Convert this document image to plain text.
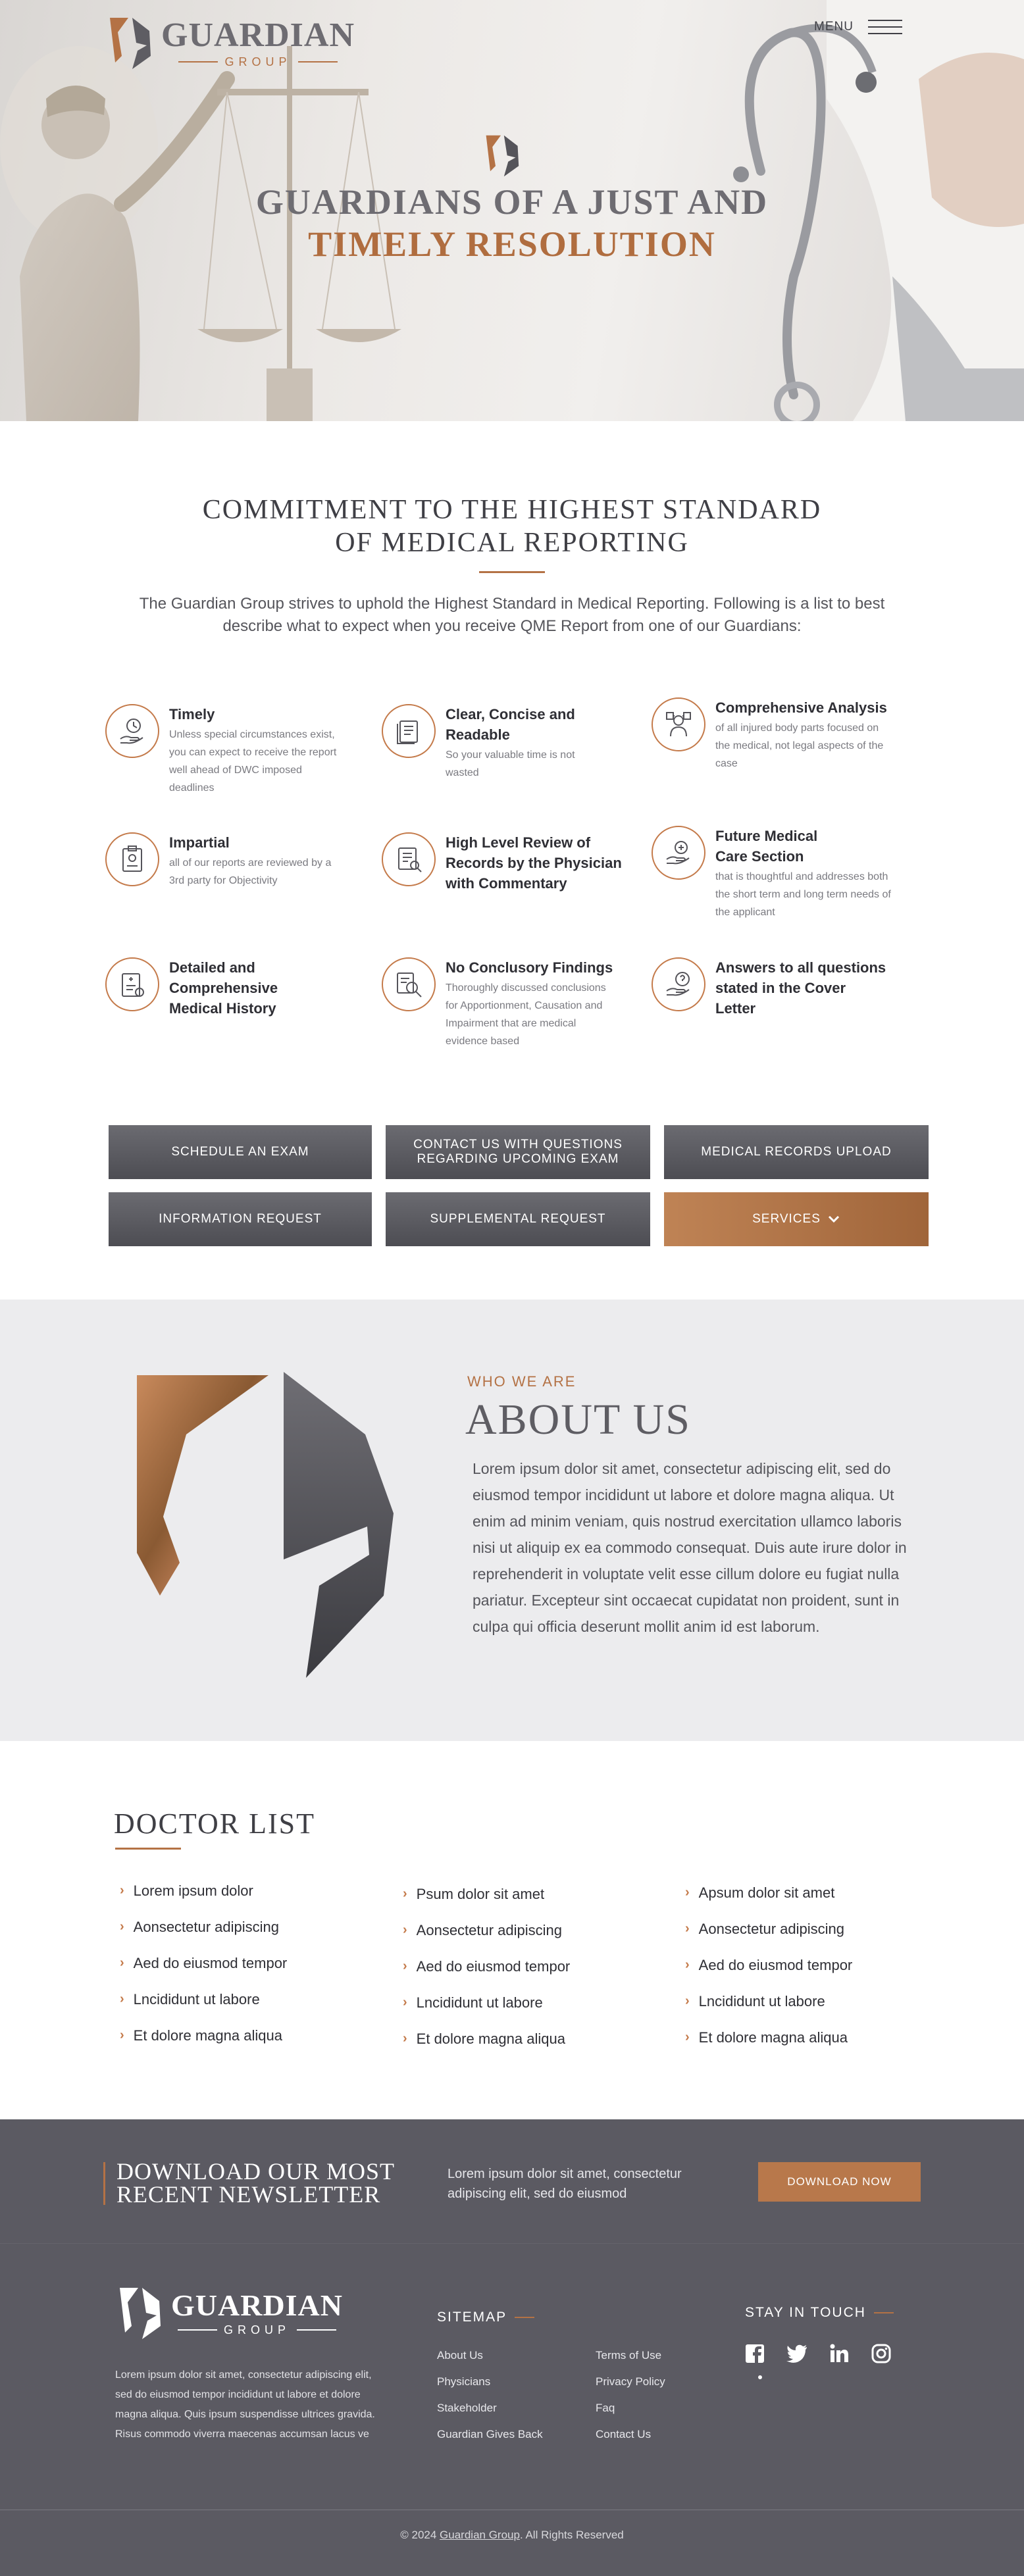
GUARDIAN
GROUP
MENU
GUARDIANS OF A JUST AND
TIMELY RESOLUTION
COMMITMENT TO THE HIGHEST STANDARD
OF MEDICAL REPORTING

The Guardian Group strives to uphold the Highest Standard in Medical Reporting. Following is a list to best describe what to expect when you receive QME Report from one of our Guardians:

Timely
Unless special circumstances exist, you can expect to receive the report well ahead of DWC imposed deadlines
Clear, Concise and Readable
So your valuable time is not wasted
Comprehensive Analysis
of all injured body parts focused on the medical, not legal aspects of the case
Impartial
all of our reports are reviewed by a 3rd party for Objectivity
High Level Review of Records by the Physician with Commentary
Future Medical Care Section
that is thoughtful and addresses both the short term and long term needs of the applicant
Detailed and Comprehensive Medical History
No Conclusory Findings
Thoroughly discussed conclusions for Apportionment, Causation and Impairment that are medical evidence based
Answers to all questions stated in the Cover Letter
SCHEDULE AN EXAM
CONTACT US WITH QUESTIONS REGARDING UPCOMING EXAM
MEDICAL RECORDS UPLOAD
INFORMATION REQUEST	SUPPLEMENTAL REQUEST	SERVICES
WHO WE ARE
ABOUT US

Lorem ipsum dolor sit amet, consectetur adipiscing elit, sed do eiusmod tempor incididunt ut labore et dolore magna aliqua. Ut enim ad minim veniam, quis nostrud exercitation ullamco laboris nisi ut aliquip ex ea commodo consequat. Duis aute irure dolor in reprehenderit in voluptate velit esse cillum dolore eu fugiat nulla pariatur. Excepteur sint occaecat cupidatat non proident, sunt in culpa qui officia deserunt mollit anim id est laborum.

DOCTOR LIST
› Lorem ipsum dolor
› Aonsectetur adipiscing
› Aed do eiusmod tempor
› Lncididunt ut labore
› Et dolore magna aliqua
› Psum dolor sit amet
› Aonsectetur adipiscing
› Aed do eiusmod tempor
› Lncididunt ut labore
› Et dolore magna aliqua
› Apsum dolor sit amet
› Aonsectetur adipiscing
› Aed do eiusmod tempor
› Lncididunt ut labore
› Et dolore magna aliqua
DOWNLOAD OUR MOST
RECENT NEWSLETTER

Lorem ipsum dolor sit amet, consectetur adipiscing elit, sed do eiusmod

DOWNLOAD NOW
GUARDIAN
GROUP

Lorem ipsum dolor sit amet, consectetur adipiscing elit, sed do eiusmod tempor incididunt ut labore et dolore magna aliqua. Quis ipsum suspendisse ultrices gravida. Risus commodo viverra maecenas accumsan lacus ve

SITEMAP
About Us
Physicians
Stakeholder
Guardian Gives Back
Terms of Use
Privacy Policy
Faq
Contact Us
STAY IN TOUCH

© 2024 Guardian Group. All Rights Reserved
